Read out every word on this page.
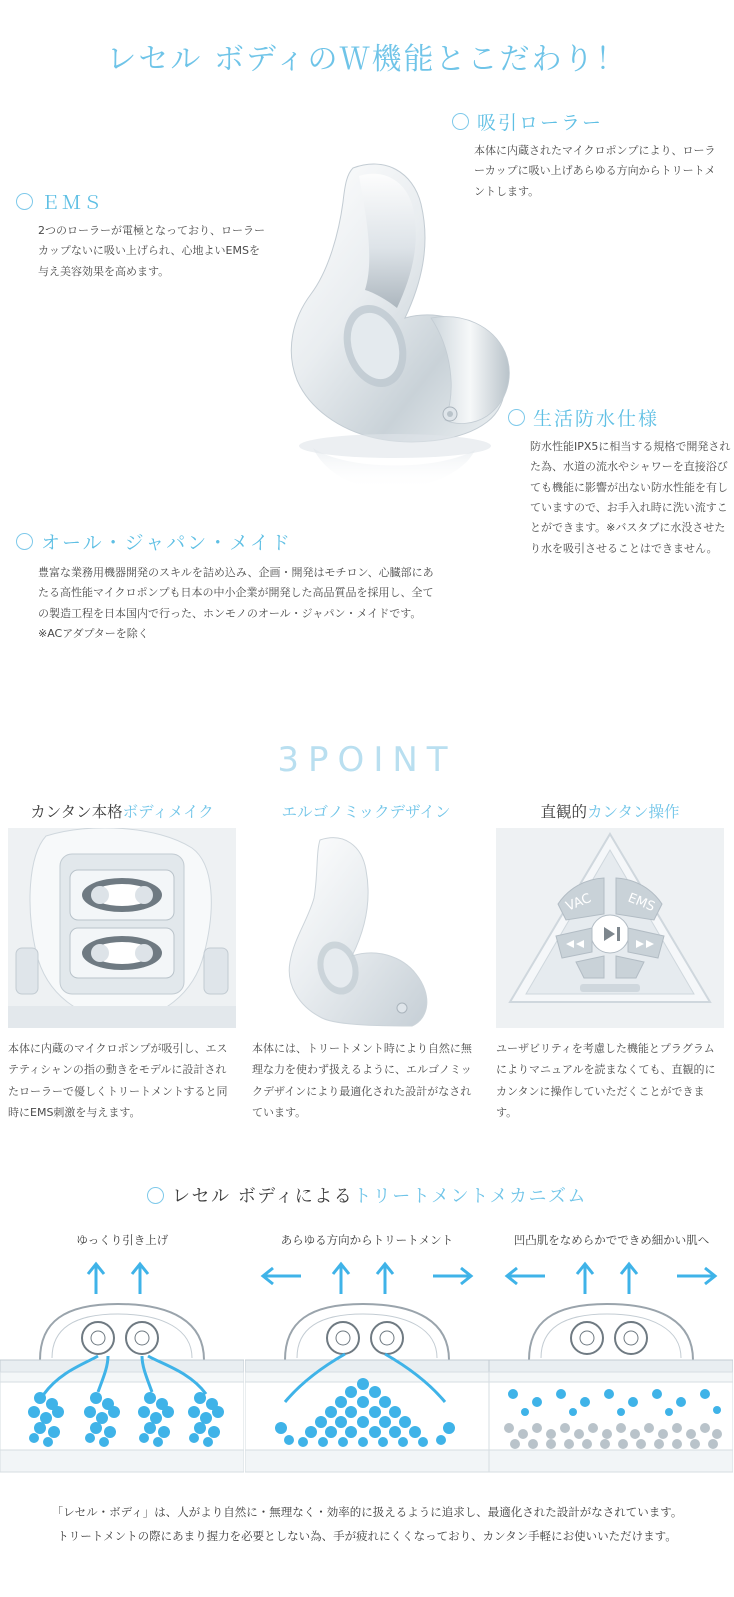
レセル ボディのＷ機能とこだわり！
吸引ローラー
本体に内蔵されたマイクロポンプにより、ローラーカップに吸い上げあらゆる方向からトリートメントします。
ＥＭＳ
2つのローラーが電極となっており、ローラーカップないに吸い上げられ、心地よいEMSを与え美容効果を高めます。
生活防水仕様
防水性能IPX5に相当する規格で開発された為、水道の流水やシャワーを直接浴びても機能に影響が出ない防水性能を有していますので、お手入れ時に洗い流すことができます。※バスタブに水没させたり水を吸引させることはできません。
オール・ジャパン・メイド
豊富な業務用機器開発のスキルを詰め込み、企画・開発はモチロン、心臓部にあたる高性能マイクロポンプも日本の中小企業が開発した高品質品を採用し、全ての製造工程を日本国内で行った、ホンモノのオール・ジャパン・メイドです。※ACアダプターを除く
3POINT
カンタン本格ボディメイク
本体に内蔵のマイクロポンプが吸引し、エステティシャンの指の動きをモデルに設計されたローラーで優しくトリートメントすると同時にEMS刺激を与えます。
エルゴノミックデザイン
本体には、トリートメント時により自然に無理な力を使わず扱えるように、エルゴノミックデザインにより最適化された設計がなされています。
直観的カンタン操作
VAC EMS
ユーザビリティを考慮した機能とプラグラムによりマニュアルを読まなくても、直観的にカンタンに操作していただくことができます。
レセル ボディによる トリートメントメカニズム
ゆっくり引き上げ	あらゆる方向からトリートメント	凹凸肌をなめらかでできめ細かい肌へ
「レセル・ボディ」は、人がより自然に・無理なく・効率的に扱えるように追求し、最適化された設計がなされています。
トリートメントの際にあまり握力を必要としない為、手が疲れにくくなっており、カンタン手軽にお使いいただけます。
